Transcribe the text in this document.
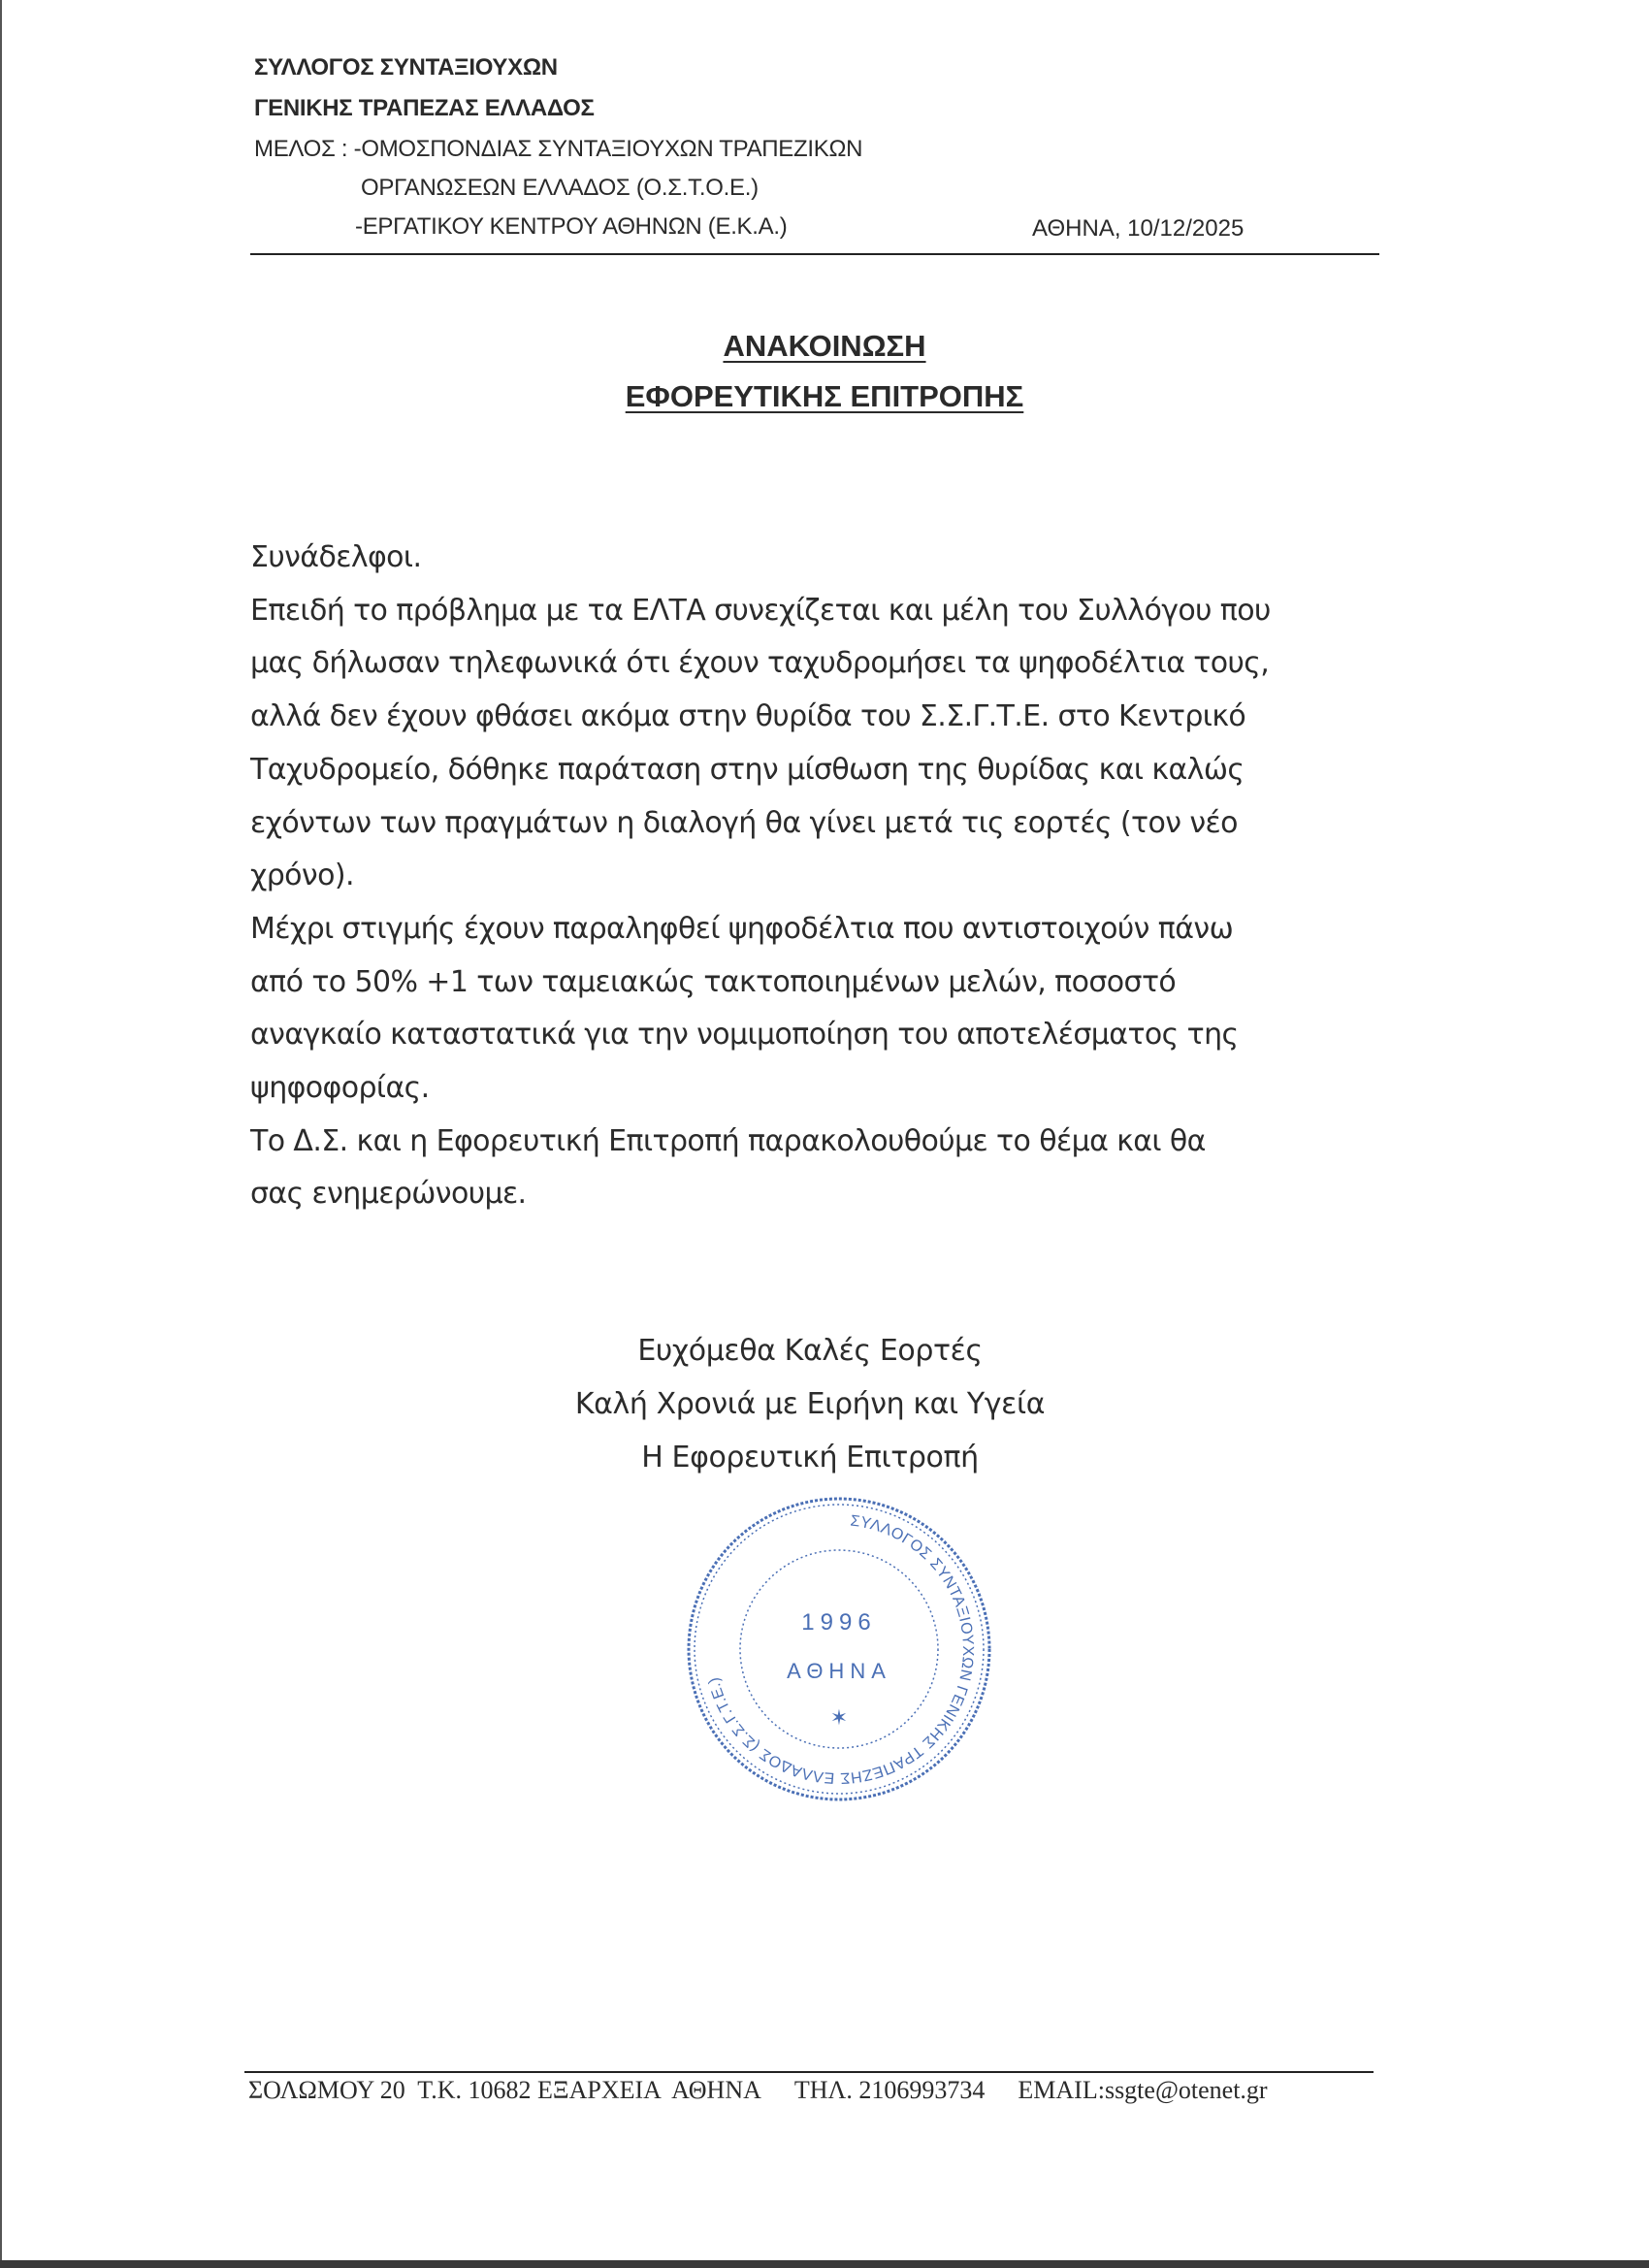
ΣΥΛΛΟΓΟΣ ΣΥΝΤΑΞΙΟΥΧΩΝ
ΓΕΝΙΚΗΣ ΤΡΑΠΕΖΑΣ ΕΛΛΑΔΟΣ
ΜΕΛΟΣ : -ΟΜΟΣΠΟΝΔΙΑΣ ΣΥΝΤΑΞΙΟΥΧΩΝ ΤΡΑΠΕΖΙΚΩΝ
ΟΡΓΑΝΩΣΕΩΝ ΕΛΛΑΔΟΣ (Ο.Σ.Τ.Ο.Ε.)
-ΕΡΓΑΤΙΚΟΥ ΚΕΝΤΡΟΥ ΑΘΗΝΩΝ (Ε.Κ.Α.)	ΑΘΗΝΑ, 10/12/2025
ΑΝΑΚΟΙΝΩΣΗ
ΕΦΟΡΕΥΤΙΚΗΣ ΕΠΙΤΡΟΠΗΣ
Συνάδελφοι.
Επειδή το πρόβλημα με τα ΕΛΤΑ συνεχίζεται και μέλη του Συλλόγου που
μας δήλωσαν τηλεφωνικά ότι έχουν ταχυδρομήσει τα ψηφοδέλτια τους,
αλλά δεν έχουν φθάσει ακόμα στην θυρίδα του Σ.Σ.Γ.Τ.Ε. στο Κεντρικό
Ταχυδρομείο, δόθηκε παράταση στην μίσθωση της θυρίδας και καλώς
εχόντων των πραγμάτων η διαλογή θα γίνει μετά τις εορτές (τον νέο
χρόνο).
Μέχρι στιγμής έχουν παραληφθεί ψηφοδέλτια που αντιστοιχούν πάνω
από το 50% +1 των ταμειακώς τακτοποιημένων μελών, ποσοστό
αναγκαίο καταστατικά για την νομιμοποίηση του αποτελέσματος της
ψηφοφορίας.
Το Δ.Σ. και η Εφορευτική Επιτροπή παρακολουθούμε το θέμα και θα
σας ενημερώνουμε.
Ευχόμεθα Καλές Εορτές
Καλή Χρονιά με Ειρήνη και Υγεία
Η Εφορευτική Επιτροπή
ΣΥΛΛΟΓΟΣ ΣΥΝΤΑΞΙΟΥΧΩΝ ΓΕΝΙΚΗΣ ΤΡΑΠΕΖΗΣ ΕΛΛΑΔΟΣ (Σ.Σ.Γ.Τ.Ε.)
1996
ΑΘΗΝΑ
✶
ΣΟΛΩΜΟΥ 20  Τ.Κ. 10682 ΕΞΑΡΧΕΙΑ  ΑΘΗΝΑ ΤΗΛ. 2106993734 EMAIL:ssgte@otenet.gr
